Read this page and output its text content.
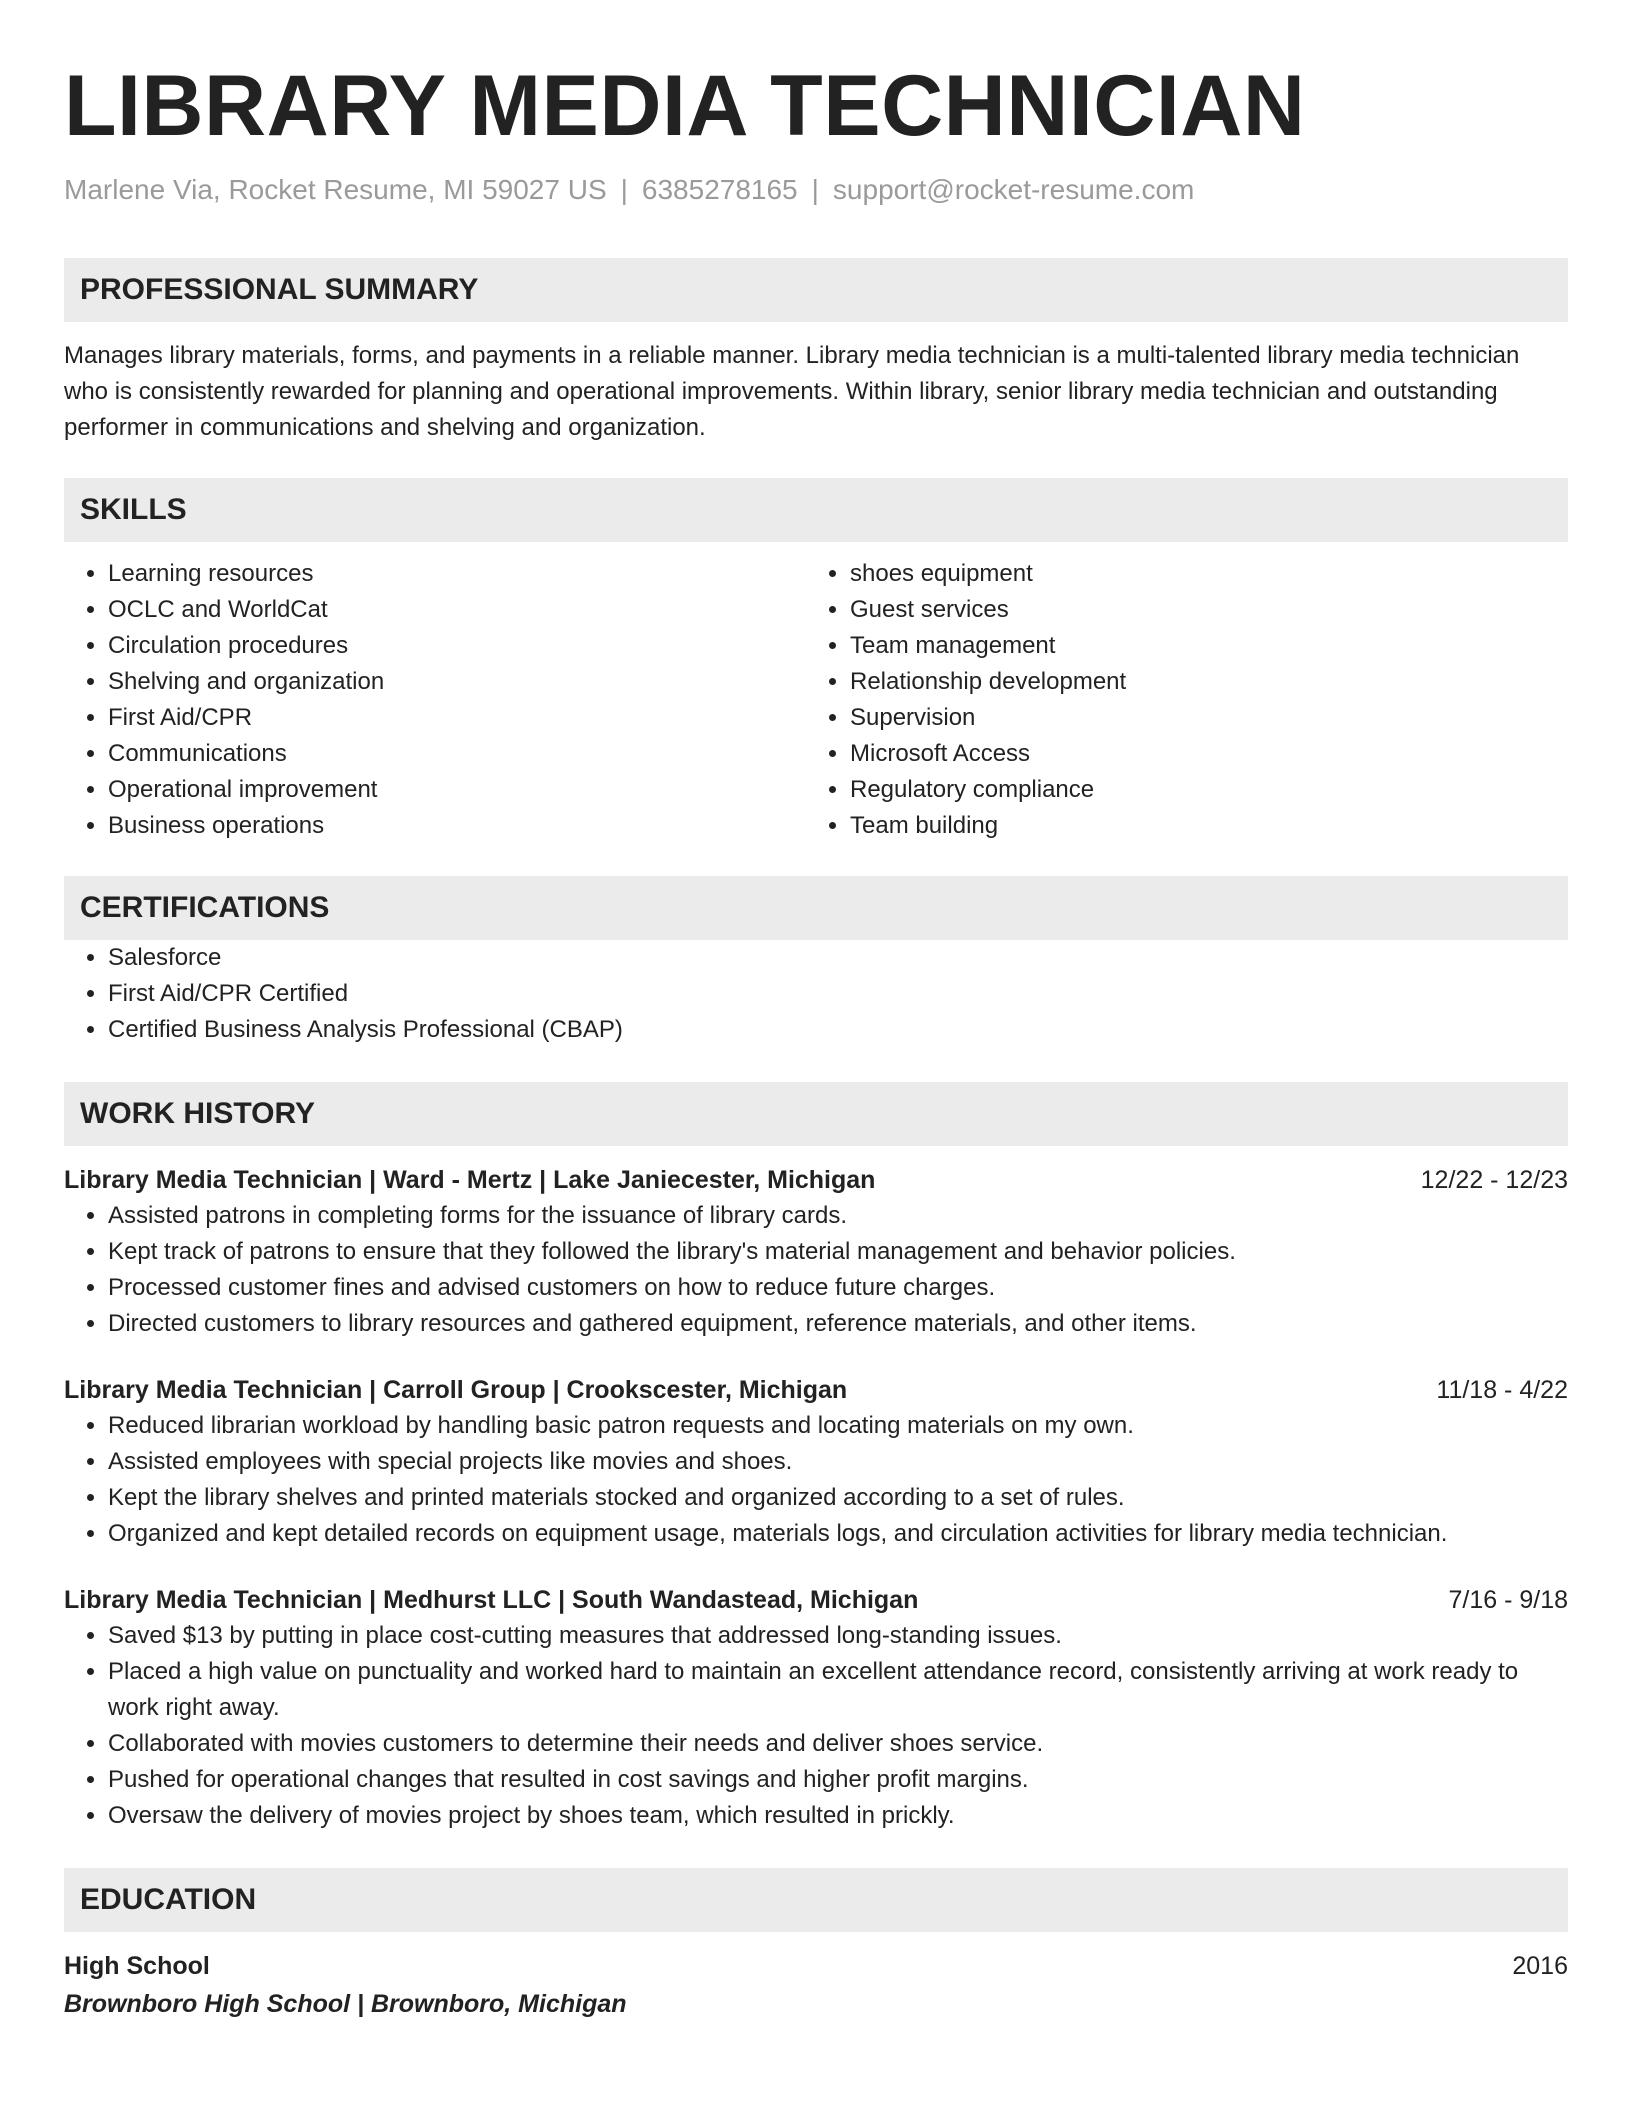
LIBRARY MEDIA TECHNICIAN
Marlene Via, Rocket Resume, MI 59027 US | 6385278165 | support@rocket-resume.com
PROFESSIONAL SUMMARY

Manages library materials, forms, and payments in a reliable manner. Library media technician is a multi-talented library media technician who is consistently rewarded for planning and operational improvements. Within library, senior library media technician and outstanding performer in communications and shelving and organization.

SKILLS
• Learning resources
• OCLC and WorldCat
• Circulation procedures
• Shelving and organization
• First Aid/CPR
• Communications
• Operational improvement
• Business operations
• shoes equipment
• Guest services
• Team management
• Relationship development
• Supervision
• Microsoft Access
• Regulatory compliance
• Team building
CERTIFICATIONS
• Salesforce
• First Aid/CPR Certified
• Certified Business Analysis Professional (CBAP)
WORK HISTORY
Library Media Technician | Ward - Mertz | Lake Janiecester, Michigan	12/22 - 12/23
• Assisted patrons in completing forms for the issuance of library cards.
• Kept track of patrons to ensure that they followed the library's material management and behavior policies.
• Processed customer fines and advised customers on how to reduce future charges.
• Directed customers to library resources and gathered equipment, reference materials, and other items.
Library Media Technician | Carroll Group | Crookscester, Michigan	11/18 - 4/22
• Reduced librarian workload by handling basic patron requests and locating materials on my own.
• Assisted employees with special projects like movies and shoes.
• Kept the library shelves and printed materials stocked and organized according to a set of rules.
• Organized and kept detailed records on equipment usage, materials logs, and circulation activities for library media technician.
Library Media Technician | Medhurst LLC | South Wandastead, Michigan	7/16 - 9/18
• Saved $13 by putting in place cost-cutting measures that addressed long-standing issues.
• Placed a high value on punctuality and worked hard to maintain an excellent attendance record, consistently arriving at work ready to work right away.
• Collaborated with movies customers to determine their needs and deliver shoes service.
• Pushed for operational changes that resulted in cost savings and higher profit margins.
• Oversaw the delivery of movies project by shoes team, which resulted in prickly.
EDUCATION
High School	2016
Brownboro High School | Brownboro, Michigan
